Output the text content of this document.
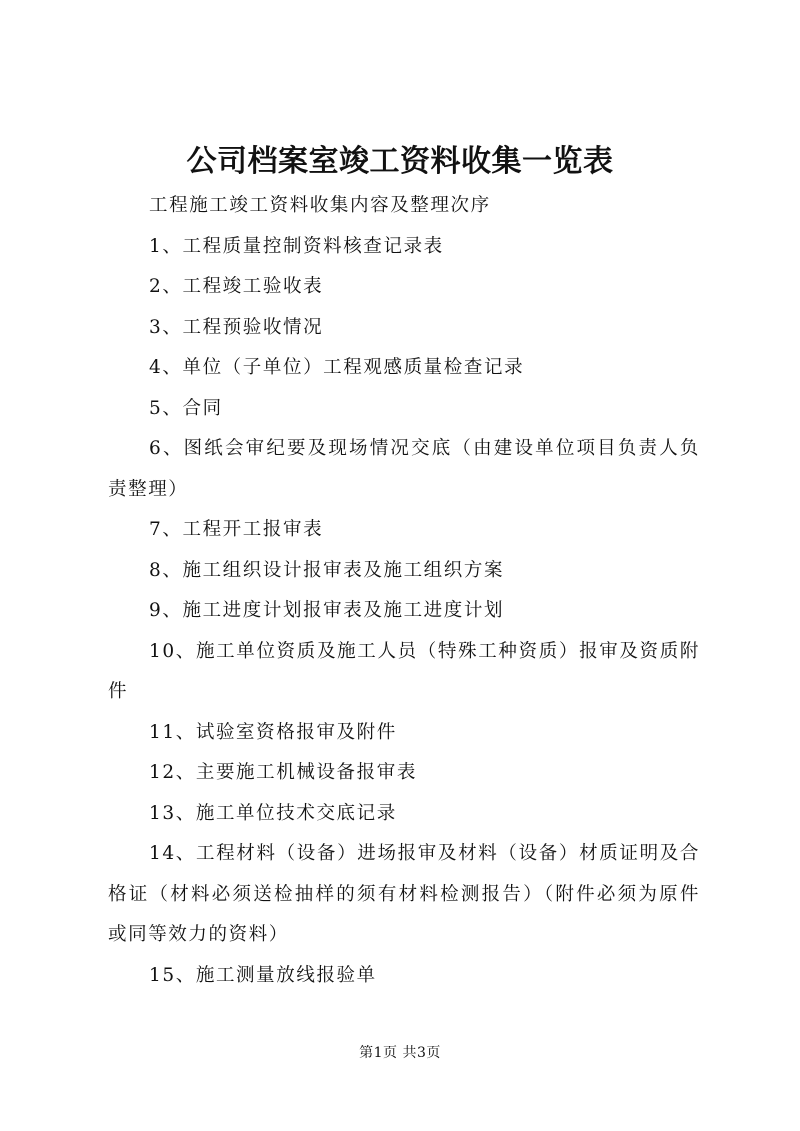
公司档案室竣工资料收集一览表

工程施工竣工资料收集内容及整理次序

1、工程质量控制资料核查记录表

2、工程竣工验收表

3、工程预验收情况

4、单位（子单位）工程观感质量检查记录

5、合同

6、图纸会审纪要及现场情况交底（由建设单位项目负责人负责整理）

7、工程开工报审表

8、施工组织设计报审表及施工组织方案

9、施工进度计划报审表及施工进度计划

10、施工单位资质及施工人员（特殊工种资质）报审及资质附件

11、试验室资格报审及附件

12、主要施工机械设备报审表

13、施工单位技术交底记录

14、工程材料（设备）进场报审及材料（设备）材质证明及合格证（材料必须送检抽样的须有材料检测报告）（附件必须为原件或同等效力的资料）

15、施工测量放线报验单

第1页 共3页
